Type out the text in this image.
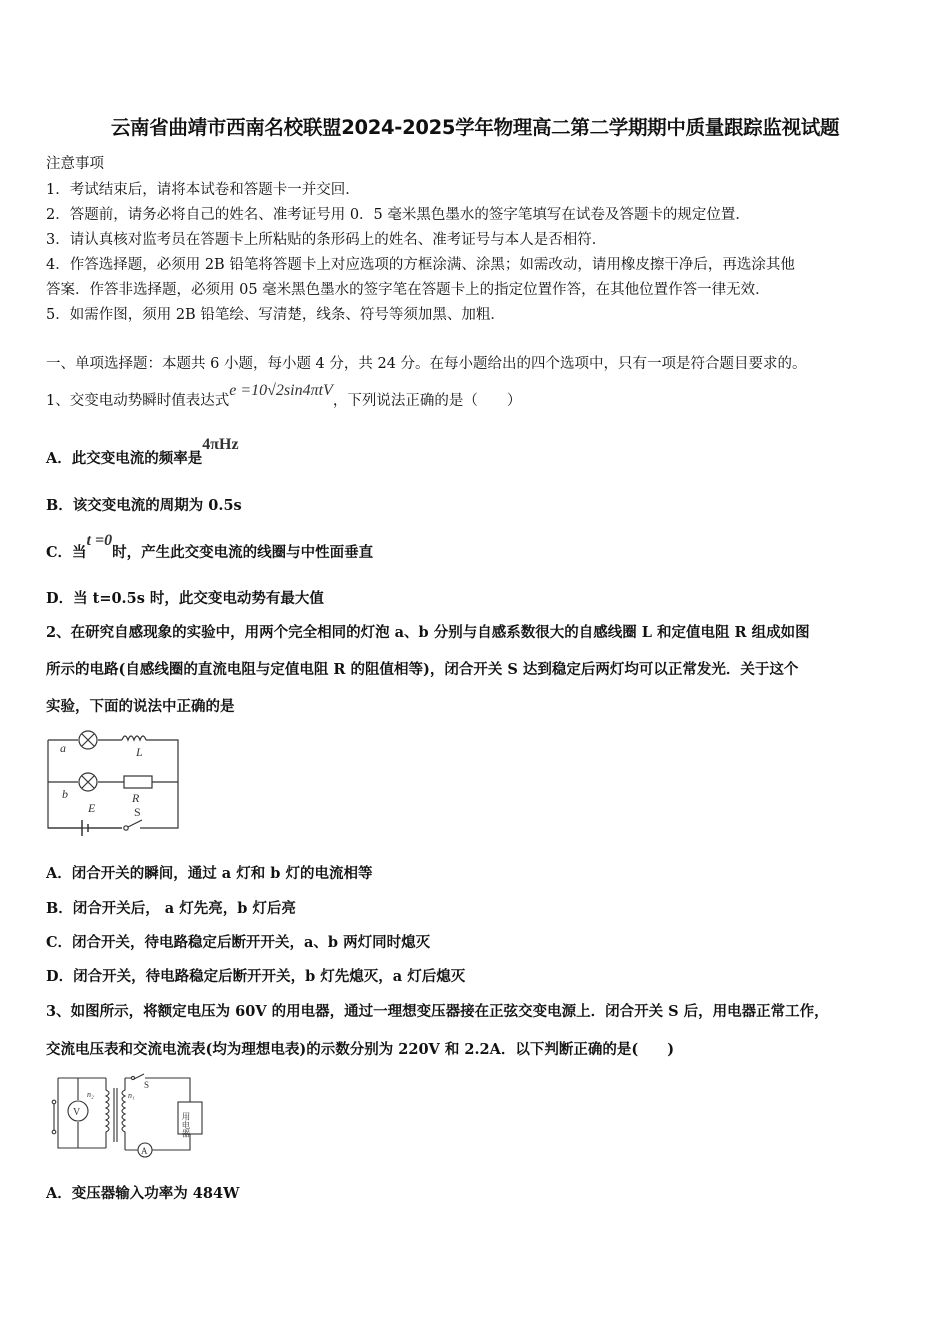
云南省曲靖市西南名校联盟2024-2025学年物理高二第二学期期中质量跟踪监视试题
注意事项
1．考试结束后，请将本试卷和答题卡一并交回．
2．答题前，请务必将自己的姓名、准考证号用 0．5 毫米黑色墨水的签字笔填写在试卷及答题卡的规定位置．
3．请认真核对监考员在答题卡上所粘贴的条形码上的姓名、准考证号与本人是否相符．
4．作答选择题，必须用 2B 铅笔将答题卡上对应选项的方框涂满、涂黑；如需改动，请用橡皮擦干净后，再选涂其他
答案．作答非选择题，必须用 05 毫米黑色墨水的签字笔在答题卡上的指定位置作答，在其他位置作答一律无效．
5．如需作图，须用 2B 铅笔绘、写清楚，线条、符号等须加黑、加粗．
一、单项选择题：本题共 6 小题，每小题 4 分，共 24 分。在每小题给出的四个选项中，只有一项是符合题目要求的。
1、交变电动势瞬时值表达式e =10√2sin4πtV，下列说法正确的是（　　）
A．此交变电流的频率是4πHz
B．该交变电流的周期为 0.5s
C．当t =0时，产生此交变电流的线圈与中性面垂直
D．当 t=0.5s 时，此交变电动势有最大值
2、在研究自感现象的实验中，用两个完全相同的灯泡 a、b 分别与自感系数很大的自感线圈 L 和定值电阻 R 组成如图
所示的电路(自感线圈的直流电阻与定值电阻 R 的阻值相等)，闭合开关 S 达到稳定后两灯均可以正常发光．关于这个
实验，下面的说法中正确的是
a	L
b	R
E	S
A．闭合开关的瞬间，通过 a 灯和 b 灯的电流相等
B．闭合开关后， a 灯先亮，b 灯后亮
C．闭合开关，待电路稳定后断开开关，a、b 两灯同时熄灭
D．闭合开关，待电路稳定后断开开关，b 灯先熄灭，a 灯后熄灭
3、如图所示，将额定电压为 60V 的用电器，通过一理想变压器接在正弦交变电源上．闭合开关 S 后，用电器正常工作，
交流电压表和交流电流表(均为理想电表)的示数分别为 220V 和 2.2A．以下判断正确的是(　　)
V
n₂	n₁
S
A
用电器
A．变压器输入功率为 484W
